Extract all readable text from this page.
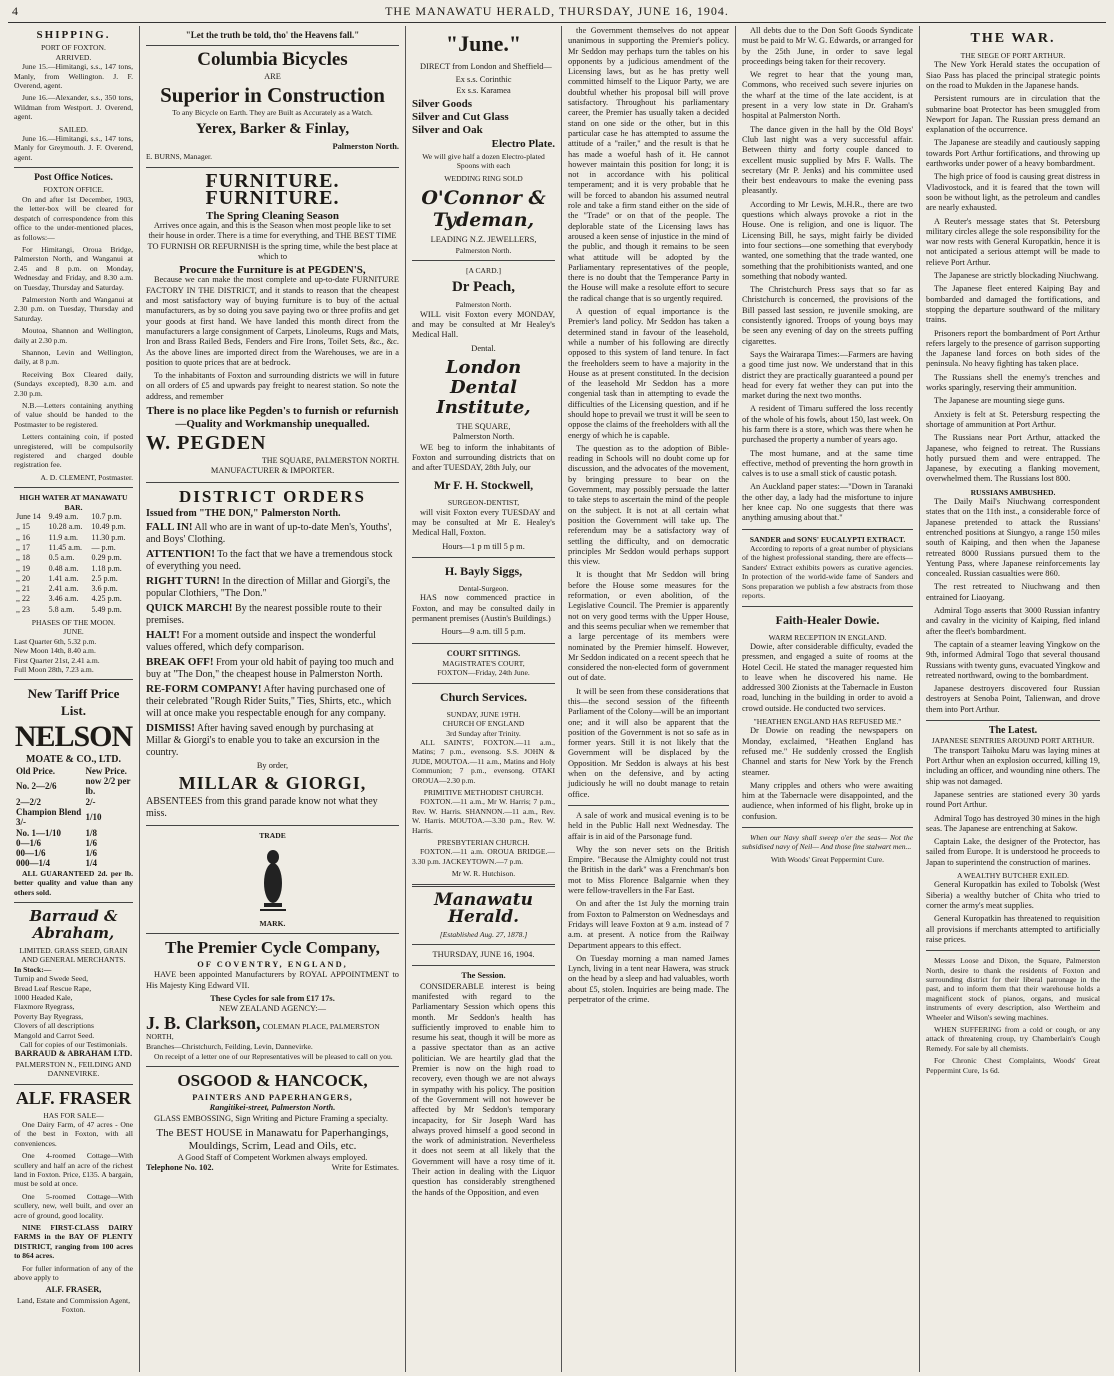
4	THE MANAWATU HERALD, THURSDAY, JUNE 16, 1904.
SHIPPING.
PORT OF FOXTON.
ARRIVED.

June 15.—Himitangi, s.s., 147 tons, Manly, from Wellington. J. F. Overend, agent.

June 16.—Alexander, s.s., 350 tons, Wildman from Westport. J. Overend, agent.

SAILED.

June 16.—Himitangi, s.s., 147 tons, Manly for Greymouth. J. F. Overend, agent.

Post Office Notices.
FOXTON OFFICE.

On and after 1st December, 1903, the letter-box will be cleared for despatch of correspondence from this office to the under-mentioned places, as follows:—

For Himitangi, Oroua Bridge, Palmerston North, and Wanganui at 2.45 and 8 p.m. on Monday, Wednesday and Friday, and 8.30 a.m. on Tuesday, Thursday and Saturday.

Palmerston North and Wanganui at 2.30 p.m. on Tuesday, Thursday and Saturday.

Moutoa, Shannon and Wellington, daily at 2.30 p.m.

Shannon, Levin and Wellington, daily, at 8 p.m.

Receiving Box Cleared daily, (Sundays excepted), 8.30 a.m. and 2.30 p.m.

N.B.—Letters containing anything of value should be handed to the Postmaster to be registered.

Letters containing coin, if posted unregistered, will be compulsorily registered and charged double registration fee.

A. D. CLEMENT, Postmaster.
HIGH WATER AT MANAWATU BAR.
June 14	9.49 a.m.	10.7 p.m.
,, 15	10.28 a.m.	10.49 p.m.
,, 16	11.9 a.m.	11.30 p.m.
,, 17	11.45 a.m.	— p.m.
,, 18	0.5 a.m.	0.29 p.m.
,, 19	0.48 a.m.	1.18 p.m.
,, 20	1.41 a.m.	2.5 p.m.
,, 21	2.41 a.m.	3.6 p.m.
,, 22	3.46 a.m.	4.25 p.m.
,, 23	5.8 a.m.	5.49 p.m.
PHASES OF THE MOON.
JUNE.
Last Quarter 6th, 5.32 p.m.
New Moon 14th, 8.40 a.m.
First Quarter 21st, 2.41 a.m.
Full Moon 28th, 7.23 a.m.
New Tariff Price List.
NELSON
MOATE & CO., LTD.
Old Price.	New Price.
No. 2—2/6	now 2/2 per lb.
2—2/2	2/-
Champion Blend 3/-	1/10
No. 1—1/10	1/8
0—1/6	1/6
00—1/6	1/6
000—1/4	1/4

ALL GUARANTEED 2d. per lb. better quality and value than any others sold.

Barraud & Abraham,
LIMITED. GRASS SEED, GRAIN AND GENERAL MERCHANTS.
In Stock:—
Turnip and Swede Seed,
Bread Leaf Rescue Rape,
1000 Headed Kale,
Flaxmore Ryegrass,
Poverty Bay Ryegrass,
Clovers of all descriptions
Mangold and Carrot Seed.
Call for copies of our Testimonials.
BARRAUD & ABRAHAM LTD.
PALMERSTON N., FEILDING AND DANNEVIRKE.
ALF. FRASER
HAS FOR SALE—

One Dairy Farm, of 47 acres - One of the best in Foxton, with all conveniences.

One 4-roomed Cottage—With scullery and half an acre of the richest land in Foxton. Price, £135. A bargain, must be sold at once.

One 5-roomed Cottage—With scullery, new, well built, and over an acre of ground, good locality.

NINE FIRST-CLASS DAIRY FARMS in the BAY OF PLENTY DISTRICT, ranging from 100 acres to 864 acres.

For fuller information of any of the above apply to

ALF. FRASER,
Land, Estate and Commission Agent, Foxton.
"Let the truth be told, tho' the Heavens fall."
Columbia Bicycles
ARE
Superior in Construction
To any Bicycle on Earth. They are Built as Accurately as a Watch.
Yerex, Barker & Finlay,
Palmerston North.
E. BURNS, Manager.
FURNITURE. FURNITURE.
The Spring Cleaning Season

Arrives once again, and this is the Season when most people like to set their house in order. There is a time for everything, and THE BEST TIME TO FURNISH OR REFURNISH is the spring time, while the best place at which to

Procure the Furniture is at PEGDEN'S,

Because we can make the most complete and up-to-date FURNITURE FACTORY IN THE DISTRICT, and it stands to reason that the cheapest and most satisfactory way of buying furniture is to buy of the actual manufacturers, as by so doing you save paying two or three profits and get your goods at first hand. We have landed this month direct from the manufacturers a large consignment of Carpets, Linoleums, Rugs and Mats, Iron and Brass Railed Beds, Fenders and Fire Irons, Toilet Sets, &c., &c. As the above lines are imported direct from the Warehouses, we are in a position to quote prices that are at bedrock.

To the inhabitants of Foxton and surrounding districts we will in future on all orders of £5 and upwards pay freight to nearest station. So note the address, and remember

There is no place like Pegden's to furnish or refurnish—Quality and Workmanship unequalled.
W. PEGDEN
THE SQUARE, PALMERSTON NORTH.
MANUFACTURER & IMPORTER.
DISTRICT ORDERS
Issued from "THE DON," Palmerston North.
FALL IN! All who are in want of up-to-date Men's, Youths', and Boys' Clothing.
ATTENTION! To the fact that we have a tremendous stock of everything you need.
RIGHT TURN! In the direction of Millar and Giorgi's, the popular Clothiers, "The Don."
QUICK MARCH! By the nearest possible route to their premises.
HALT! For a moment outside and inspect the wonderful values offered, which defy comparison.
BREAK OFF! From your old habit of paying too much and buy at "The Don," the cheapest house in Palmerston North.
RE-FORM COMPANY! After having purchased one of their celebrated "Rough Rider Suits," Ties, Shirts, etc., which will at once make you respectable enough for any company.
DISMISS! After having saved enough by purchasing at Millar & Giorgi's to enable you to take an excursion in the country.
By order,
MILLAR & GIORGI,
ABSENTEES from this grand parade know not what they miss.
TRADE
MARK.
The Premier Cycle Company,
OF COVENTRY, ENGLAND,

HAVE been appointed Manufacturers by ROYAL APPOINTMENT to His Majesty King Edward VII.

These Cycles for sale from £17 17s.
NEW ZEALAND AGENCY:—
J. B. Clarkson, COLEMAN PLACE, PALMERSTON NORTH,
Branches—Christchurch, Feilding, Levin, Dannevirke.

On receipt of a letter one of our Representatives will be pleased to call on you.

OSGOOD & HANCOCK,
PAINTERS AND PAPERHANGERS,
Rangitikei-street, Palmerston North.

GLASS EMBOSSING, Sign Writing and Picture Framing a specialty.

The BEST HOUSE in Manawatu for Paperhangings, Mouldings, Scrim, Lead and Oils, etc.
A Good Staff of Competent Workmen always employed.
Telephone No. 102.	Write for Estimates.
"June."

DIRECT from London and Sheffield—

Ex s.s. Corinthic
Ex s.s. Karamea
Silver Goods
Silver and Cut Glass
Silver and Oak
Electro Plate.

We will give half a dozen Electro-plated Spoons with each

WEDDING RING SOLD
O'Connor & Tydeman,
LEADING N.Z. JEWELLERS,
Palmerston North.
[A CARD.]
Dr Peach,
Palmerston North.

WILL visit Foxton every MONDAY, and may be consulted at Mr Healey's Medical Hall.

Dental.
London Dental Institute,
THE SQUARE,
Palmerston North.

WE beg to inform the inhabitants of Foxton and surrounding districts that on and after TUESDAY, 28th July, our

Mr F. H. Stockwell,
SURGEON-DENTIST,

will visit Foxton every TUESDAY and may be consulted at Mr E. Healey's Medical Hall, Foxton.

Hours—1 p m till 5 p m.
H. Bayly Siggs,
Dental-Surgeon.

HAS now commenced practice in Foxton, and may be consulted daily in permanent premises (Austin's Buildings.)

Hours—9 a.m. till 5 p.m.
COURT SITTINGS.
MAGISTRATE'S COURT,
FOXTON—Friday, 24th June.
Church Services.
SUNDAY, JUNE 19TH.
CHURCH OF ENGLAND
3rd Sunday after Trinity.

ALL SAINTS', FOXTON.—11 a.m., Matins; 7 p.m., evensong. S.S. JOHN & JUDE, MOUTOA.—11 a.m., Matins and Holy Communion; 7 p.m., evensong. OTAKI OROUA—2.30 p.m.

PRIMITIVE METHODIST CHURCH.

FOXTON.—11 a.m., Mr W. Harris; 7 p.m., Rev. W. Harris. SHANNON.—11 a.m., Rev. W. Harris. MOUTOA.—3.30 p.m., Rev. W. Harris.

PRESBYTERIAN CHURCH.

FOXTON.—11 a.m. OROUA BRIDGE.—3.30 p.m. JACKEYTOWN.—7 p.m.

Mr W. R. Hutchison.
Manawatu Herald.
[Established Aug. 27, 1878.]
THURSDAY, JUNE 16, 1904.
The Session.

CONSIDERABLE interest is being manifested with regard to the Parliamentary Session which opens this month. Mr Seddon's health has sufficiently improved to enable him to resume his seat, though it will be more as a passive spectator than as an active politician. We are heartily glad that the Premier is now on the high road to recovery, even though we are not always in sympathy with his policy. The position of the Government will not however be affected by Mr Seddon's temporary incapacity, for Sir Joseph Ward has always proved himself a good second in the work of administration. Nevertheless it does not seem at all likely that the Government will have a rosy time of it. Their action in dealing with the Liquor question has considerably strengthened the hands of the Opposition, and even

the Government themselves do not appear unanimous in supporting the Premier's policy. Mr Seddon may perhaps turn the tables on his opponents by a judicious amendment of the Licensing laws, but as he has pretty well committed himself to the Liquor Party, we are doubtful whether his proposal bill will prove satisfactory. Throughout his parliamentary career, the Premier has usually taken a decided stand on one side or the other, but in this particular case he has attempted to assume the attitude of a "railer," and the result is that he has made a woeful hash of it. He cannot however maintain this position for long; it is not in accordance with his political temperament; and it is very probable that he will be forced to abandon his assumed neutral role and take a firm stand either on the side of the "Trade" or on that of the people. The deplorable state of the Licensing laws has aroused a keen sense of injustice in the mind of the public, and though it remains to be seen what attitude will be adopted by the Parliamentary representatives of the people, there is no doubt that the Temperance Party in the House will make a resolute effort to secure the radical change that is so urgently required.

A question of equal importance is the Premier's land policy. Mr Seddon has taken a determined stand in favour of the leasehold, while a number of his following are directly opposed to this system of land tenure. In fact the freeholders seem to have a majority in the House as at present constituted. In the decision of the leasehold Mr Seddon has a more congenial task than in attempting to evade the difficulties of the Licensing question, and if he should hope to prevail we trust it will be seen to oppose the claims of the freeholders with all the energy of which he is capable.

The question as to the adoption of Bible-reading in Schools will no doubt come up for discussion, and the advocates of the movement, by bringing pressure to bear on the Government, may possibly persuade the latter to take steps to ascertain the mind of the people on the subject. It is not at all certain what position the Government will take up. The referendum may be a satisfactory way of settling the difficulty, and on democratic principles Mr Seddon would perhaps support this view.

It is thought that Mr Seddon will bring before the House some measures for the reformation, or even abolition, of the Legislative Council. The Premier is apparently not on very good terms with the Upper House, and this seems peculiar when we remember that a large percentage of its members were nominated by the Premier himself. However, Mr Seddon indicated on a recent speech that he considered the non-elected form of government out of date.

It will be seen from these considerations that this—the second session of the fifteenth Parliament of the Colony—will be an important one; and it will also be apparent that the position of the Government is not so safe as in former years. Still it is not likely that the Government will be displaced by the Opposition. Mr Seddon is always at his best when on the defensive, and by acting judiciously he will no doubt manage to retain office.

A sale of work and musical evening is to be held in the Public Hall next Wednesday. The affair is in aid of the Parsonage fund.

Why the son never sets on the British Empire. "Because the Almighty could not trust the British in the dark" was a Frenchman's bon mot to Miss Florence Balgarnie when they were fellow-travellers in the Far East.

On and after the 1st July the morning train from Foxton to Palmerston on Wednesdays and Fridays will leave Foxton at 9 a.m. instead of 7 a.m. at present. A notice from the Railway Department appears to this effect.

On Tuesday morning a man named James Lynch, living in a tent near Hawera, was struck on the head by a sleep and had valuables, worth about £5, stolen. Inquiries are being made. The perpetrator of the crime.

All debts due to the Don Soft Goods Syndicate must be paid to Mr W. G. Edwards, or arranged for by the 25th June, in order to save legal proceedings being taken for their recovery.

We regret to hear that the young man, Commons, who received such severe injuries on the wharf at the time of the late accident, is at present in a very low state in Dr. Graham's hospital at Palmerston North.

The dance given in the hall by the Old Boys' Club last night was a very successful affair. Between thirty and forty couple danced to excellent music supplied by Mrs F. Walls. The secretary (Mr P. Jenks) and his committee used their best endeavours to make the evening pass pleasantly.

According to Mr Lewis, M.H.R., there are two questions which always provoke a riot in the House. One is religion, and one is liquor. The Licensing Bill, he says, might fairly be divided into four sections—one something that everybody wanted, one something that the trade wanted, one something that the prohibitionists wanted, and one something that nobody wanted.

The Christchurch Press says that so far as Christchurch is concerned, the provisions of the Bill passed last session, re juvenile smoking, are consistently ignored. Troops of young boys may be seen any evening of day on the streets puffing cigarettes.

Says the Wairarapa Times:—Farmers are having a good time just now. We understand that in this district they are practically guaranteed a pound per head for every fat wether they can put into the market during the next two months.

A resident of Timaru suffered the loss recently of the whole of his fowls, about 150, last week. On his farm there is a store, which was there when he purchased the property a number of years ago.

The most humane, and at the same time effective, method of preventing the horn growth in calves is to use a small stick of caustic potash.

An Auckland paper states:—"Down in Taranaki the other day, a lady had the misfortune to injure her knee cap. No one suggests that there was anything amusing about that."

SANDER and SONS' EUCALYPTI EXTRACT.

According to reports of a great number of physicians of the highest professional standing, there are effects—Sanders' Extract exhibits powers as curative agencies. In protection of the world-wide fame of Sanders and Sons preparation we publish a few abstracts from those reports.

Faith-Healer Dowie.
WARM RECEPTION IN ENGLAND.

Dowie, after considerable difficulty, evaded the pressmen, and engaged a suite of rooms at the Hotel Cecil. He stated the manager requested him to leave when he discovered his name. He addressed 300 Zionists at the Tabernacle in Euston road, lunching in the building in order to avoid a crowd outside. He conducted two services.

"HEATHEN ENGLAND HAS REFUSED ME."

Dr Dowie on reading the newspapers on Monday, exclaimed, "Heathen England has refused me." He suddenly crossed the English Channel and starts for New York by the French steamer.

Many cripples and others who were awaiting him at the Tabernacle were disappointed, and the audience, when informed of his flight, broke up in confusion.

When our Navy shall sweep o'er the seas— Not the subsidised navy of Neil— And those fine stalwart men...

With Woods' Great Peppermint Cure.
THE WAR.
THE SIEGE OF PORT ARTHUR.

The New York Herald states the occupation of Siao Pass has placed the principal strategic points on the road to Mukden in the Japanese hands.

Persistent rumours are in circulation that the submarine boat Protector has been smuggled from Newport for Japan. The Russian press demand an explanation of the occurrence.

The Japanese are steadily and cautiously sapping towards Port Arthur fortifications, and throwing up earthworks under power of a heavy bombardment.

The high price of food is causing great distress in Vladivostock, and it is feared that the town will soon be without light, as the petroleum and candles are nearly exhausted.

A Reuter's message states that St. Petersburg military circles allege the sole responsibility for the war now rests with General Kuropatkin, hence it is not anticipated a serious attempt will be made to relieve Port Arthur.

The Japanese are strictly blockading Niuchwang.

The Japanese fleet entered Kaiping Bay and bombarded and damaged the fortifications, and stopping the departure southward of the military trains.

Prisoners report the bombardment of Port Arthur refers largely to the presence of garrison supporting the Japanese land forces on both sides of the peninsula. No heavy fighting has taken place.

The Russians shell the enemy's trenches and works sparingly, reserving their ammunition.

The Japanese are mounting siege guns.

Anxiety is felt at St. Petersburg respecting the shortage of ammunition at Port Arthur.

The Russians near Port Arthur, attacked the Japanese, who feigned to retreat. The Russians hotly pursued them and were entrapped. The Japanese, by executing a flanking movement, overwhelmed them. The Russians lost 800.

RUSSIANS AMBUSHED.

The Daily Mail's Niuchwang correspondent states that on the 11th inst., a considerable force of Japanese pretended to attack the Russians' entrenched positions at Siungyo, a range 150 miles south of Kaiping, and then when the Japanese retreated 8000 Russians pursued them to the Yentung Pass, where Japanese reinforcements lay concealed. Russian casualties were 860.

The rest retreated to Niuchwang and then entrained for Liaoyang.

Admiral Togo asserts that 3000 Russian infantry and cavalry in the vicinity of Kaiping, fled inland after the fleet's bombardment.

The captain of a steamer leaving Yingkow on the 9th, informed Admiral Togo that several thousand Russians with twenty guns, evacuated Yingkow and retreated northward, owing to the bombardment.

Japanese destroyers discovered four Russian destroyers at Senoba Point, Talienwan, and drove them into Port Arthur.

The Latest.
JAPANESE SENTRIES AROUND PORT ARTHUR.

The transport Taihoku Maru was laying mines at Port Arthur when an explosion occurred, killing 19, including an officer, and wounding nine others. The ship was not damaged.

Japanese sentries are stationed every 30 yards round Port Arthur.

Admiral Togo has destroyed 30 mines in the high seas. The Japanese are entrenching at Sakow.

Captain Lake, the designer of the Protector, has sailed from Europe. It is understood he proceeds to Japan to superintend the construction of marines.

A WEALTHY BUTCHER EXILED.

General Kuropatkin has exiled to Tobolsk (West Siberia) a wealthy butcher of Chita who tried to corner the army's meat supplies.

General Kuropatkin has threatened to requisition all provisions if merchants attempted to artificially raise prices.

Messrs Loose and Dixon, the Square, Palmerston North, desire to thank the residents of Foxton and surrounding district for their liberal patronage in the past, and to inform them that their warehouse holds a magnificent stock of pianos, organs, and musical instruments of every description, also Wertheim and Wheeler and Wilson's sewing machines.

WHEN SUFFERING from a cold or cough, or any attack of threatening croup, try Chamberlain's Cough Remedy. For sale by all chemists.

For Chronic Chest Complaints, Woods' Great Peppermint Cure, 1s 6d.
